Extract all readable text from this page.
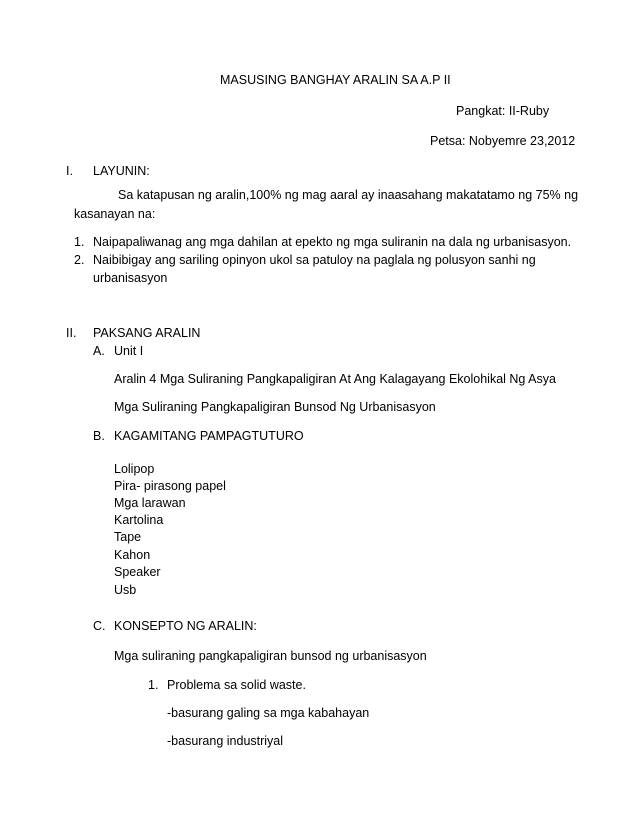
MASUSING BANGHAY ARALIN SA A.P II
Pangkat: II-Ruby
Petsa: Nobyemre 23,2012
I. LAYUNIN:
Sa katapusan ng aralin,100% ng mag aaral ay inaasahang makatatamo ng 75% ng
kasanayan na:
1. Naipapaliwanag ang mga dahilan at epekto ng mga suliranin na dala ng urbanisasyon.
2. Naibibigay ang sariling opinyon ukol sa patuloy na paglala ng polusyon sanhi ng
urbanisasyon
II. PAKSANG ARALIN
A. Unit I
Aralin 4 Mga Suliraning Pangkapaligiran At Ang Kalagayang Ekolohikal Ng Asya
Mga Suliraning Pangkapaligiran Bunsod Ng Urbanisasyon
B. KAGAMITANG PAMPAGTUTURO
Lolipop
Pira- pirasong papel
Mga larawan
Kartolina
Tape
Kahon
Speaker
Usb
C. KONSEPTO NG ARALIN:
Mga suliraning pangkapaligiran bunsod ng urbanisasyon
1. Problema sa solid waste.
-basurang galing sa mga kabahayan
-basurang industriyal
